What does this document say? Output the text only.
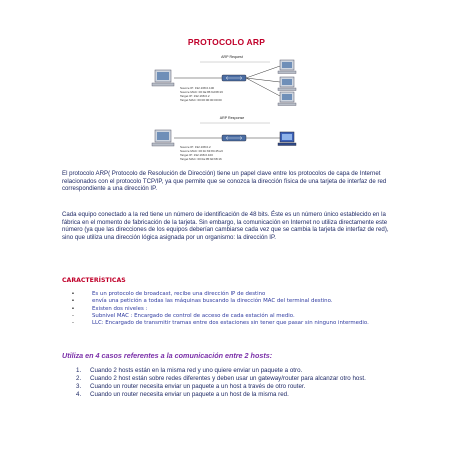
PROTOCOLO ARP
ARP Request
Source IP: 192.168.0.100
Source MAC: 00:0a:95:9d:68:16
Target IP: 192.168.0.2
Target MAC: 00:00:00:00:00:00
ARP Response
Source IP: 192.168.0.2
Source MAC: 00:1b:63:84:45:e6
Target IP: 192.168.0.100
Target MAC: 00:0a:95:9d:68:16

El protocolo ARP( Protocolo de Resolución de Dirección) tiene un papel clave entre los protocolos de capa de Internet relacionados con el protocolo TCP/IP, ya que permite que se conozca la dirección física de una tarjeta de interfaz de red correspondiente a una dirección IP.

Cada equipo conectado a la red tiene un número de identificación de 48 bits. Éste es un número único establecido en la fábrica en el momento de fabricación de la tarjeta. Sin embargo, la comunicación en Internet no utiliza directamente este número (ya que las direcciones de los equipos deberían cambiarse cada vez que se cambia la tarjeta de interfaz de red), sino que utiliza una dirección lógica asignada por un organismo: la dirección IP.

CARACTERÍSTICAS
•	Es un protocolo de broadcast, recibe una dirección IP de destino
•	envía una petición a todas las máquinas buscando la dirección MAC del terminal destino.
•	Existen dos niveles :
-	Subnivel MAC : Encargado de control de acceso de cada estación al medio.
-	LLC: Encargado de transmitir tramas entre dos estaciones sin tener que pasar sin ninguno intermedio.
Utiliza en 4 casos referentes a la comunicación entre 2 hosts:
1. Cuando 2 hosts están en la misma red y uno quiere enviar un paquete a otro.
2. Cuando 2 host están sobre redes diferentes y deben usar un gateway/router para alcanzar otro host.
3. Cuando un router necesita enviar un paquete a un host a través de otro router.
4. Cuando un router necesita enviar un paquete a un host de la misma red.
